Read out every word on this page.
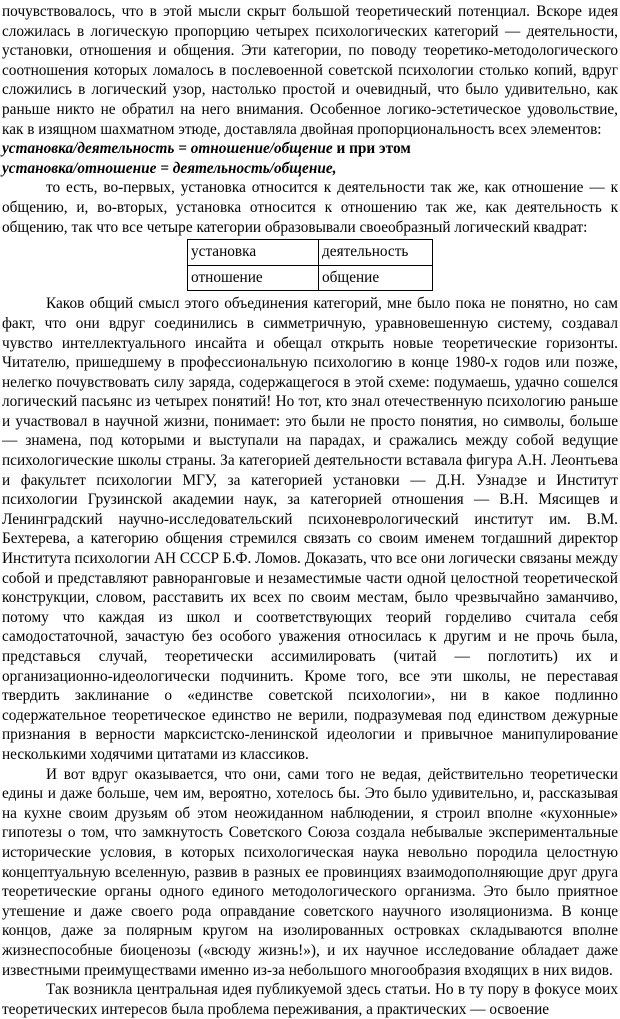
почувствовалось, что в этой мысли скрыт большой теоретический потенциал. Вскоре идея сложилась в логическую пропорцию четырех психологических категорий — деятельности, установки, отношения и общения. Эти категории, по поводу теоретико-методологического соотношения которых ломалось в послевоенной советской психологии столько копий, вдруг сложились в логический узор, настолько простой и очевидный, что было удивительно, как раньше никто не обратил на него внимания. Особенное логико-эстетическое удовольствие, как в изящном шахматном этюде, доставляла двойная пропорциональность всех элементов:

установка/деятельность = отношение/общение и при этом

установка/отношение = деятельность/общение,

то есть, во-первых, установка относится к деятельности так же, как отношение — к общению, и, во-вторых, установка относится к отношению так же, как деятельность к общению, так что все четыре категории образовывали своеобразный логический квадрат:

установка	деятельность
отношение	общение

Каков общий смысл этого объединения категорий, мне было пока не понятно, но сам факт, что они вдруг соединились в симметричную, уравновешенную систему, создавал чувство интеллектуального инсайта и обещал открыть новые теоретические горизонты. Читателю, пришедшему в профессиональную психологию в конце 1980-х годов или позже, нелегко почувствовать силу заряда, содержащегося в этой схеме: подумаешь, удачно сошелся логический пасьянс из четырех понятий! Но тот, кто знал отечественную психологию раньше и участвовал в научной жизни, понимает: это были не просто понятия, но символы, больше — знамена, под которыми и выступали на парадах, и сражались между собой ведущие психологические школы страны. За категорией деятельности вставала фигура А.Н. Леонтьева и факультет психологии МГУ, за категорией установки — Д.Н. Узнадзе и Институт психологии Грузинской академии наук, за категорией отношения — В.Н. Мясищев и Ленинградский научно-исследовательский психоневрологический институт им. В.М. Бехтерева, а категорию общения стремился связать со своим именем тогдашний директор Института психологии АН СССР Б.Ф. Ломов. Доказать, что все они логически связаны между собой и представляют равноранговые и незаместимые части одной целостной теоретической конструкции, словом, расставить их всех по своим местам, было чрезвычайно заманчиво, потому что каждая из школ и соответствующих теорий горделиво считала себя самодостаточной, зачастую без особого уважения относилась к другим и не прочь была, представься случай, теоретически ассимилировать (читай — поглотить) их и организационно-идеологически подчинить. Кроме того, все эти школы, не переставая твердить заклинание о «единстве советской психологии», ни в какое подлинно содержательное теоретическое единство не верили, подразумевая под единством дежурные признания в верности марксистско-ленинской идеологии и привычное манипулирование несколькими ходячими цитатами из классиков.

И вот вдруг оказывается, что они, сами того не ведая, действительно теоретически едины и даже больше, чем им, вероятно, хотелось бы. Это было удивительно, и, рассказывая на кухне своим друзьям об этом неожиданном наблюдении, я строил вполне «кухонные» гипотезы о том, что замкнутость Советского Союза создала небывалые экспериментальные исторические условия, в которых психологическая наука невольно породила целостную концептуальную вселенную, развив в разных ее провинциях взаимодополняющие друг друга теоретические органы одного единого методологического организма. Это было приятное утешение и даже своего рода оправдание советского научного изоляционизма. В конце концов, даже за полярным кругом на изолированных островках складываются вполне жизнеспособные биоценозы («всюду жизнь!»), и их научное исследование обладает даже известными преимуществами именно из-за небольшого многообразия входящих в них видов.

Так возникла центральная идея публикуемой здесь статьи. Но в ту пору в фокусе моих теоретических интересов была проблема переживания, а практических — освоение
